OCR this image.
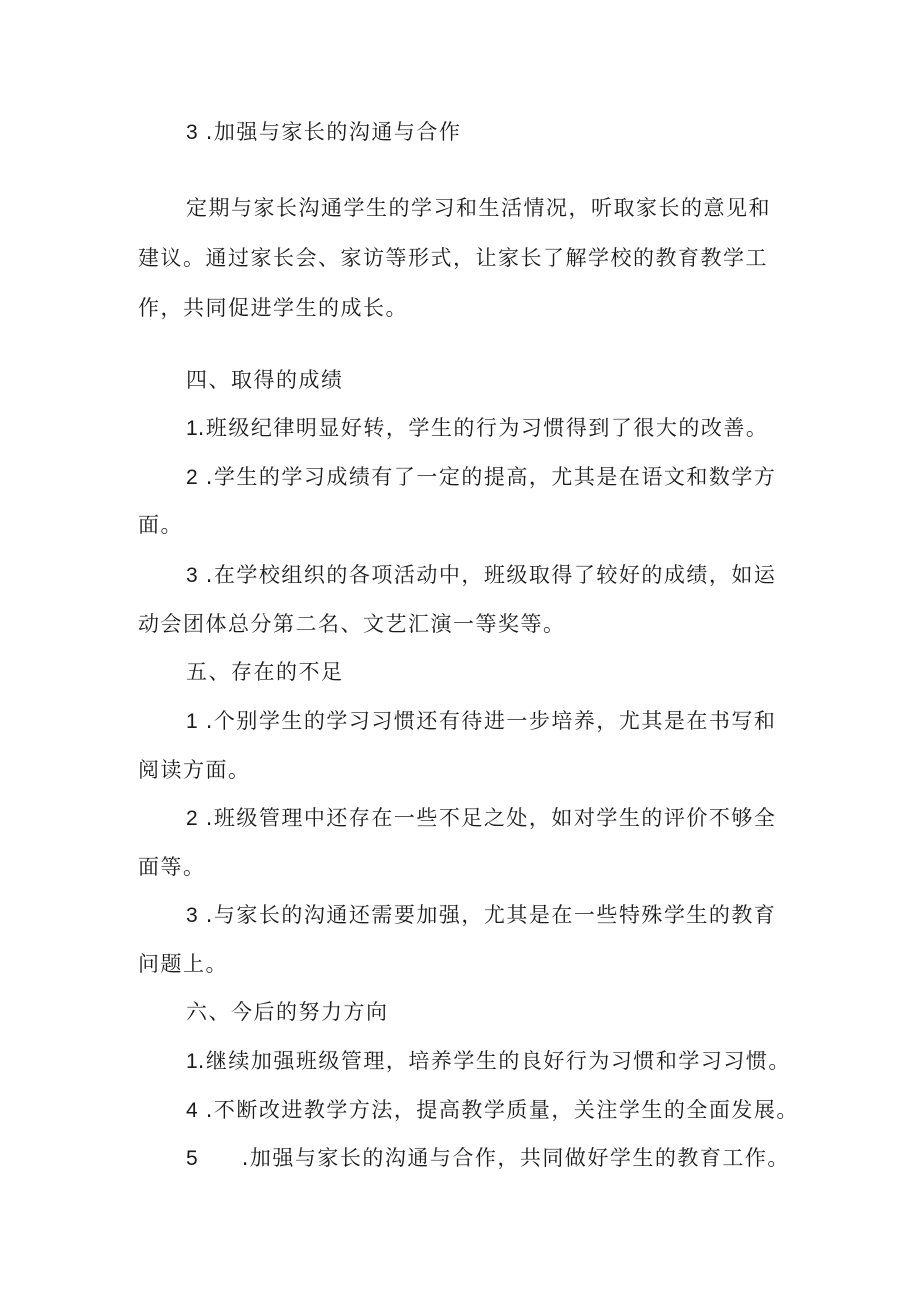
3 .加强与家长的沟通与合作
定期与家长沟通学生的学习和生活情况，听取家长的意见和
建议。通过家长会、家访等形式，让家长了解学校的教育教学工
作，共同促进学生的成长。
四、取得的成绩
1.班级纪律明显好转，学生的行为习惯得到了很大的改善。
2 .学生的学习成绩有了一定的提高，尤其是在语文和数学方
面。
3 .在学校组织的各项活动中，班级取得了较好的成绩，如运
动会团体总分第二名、文艺汇演一等奖等。
五、存在的不足
1 .个别学生的学习习惯还有待进一步培养，尤其是在书写和
阅读方面。
2 .班级管理中还存在一些不足之处，如对学生的评价不够全
面等。
3 .与家长的沟通还需要加强，尤其是在一些特殊学生的教育
问题上。
六、今后的努力方向
1.继续加强班级管理，培养学生的良好行为习惯和学习习惯。
4 .不断改进教学方法，提高教学质量，关注学生的全面发展。
5 .加强与家长的沟通与合作，共同做好学生的教育工作。
